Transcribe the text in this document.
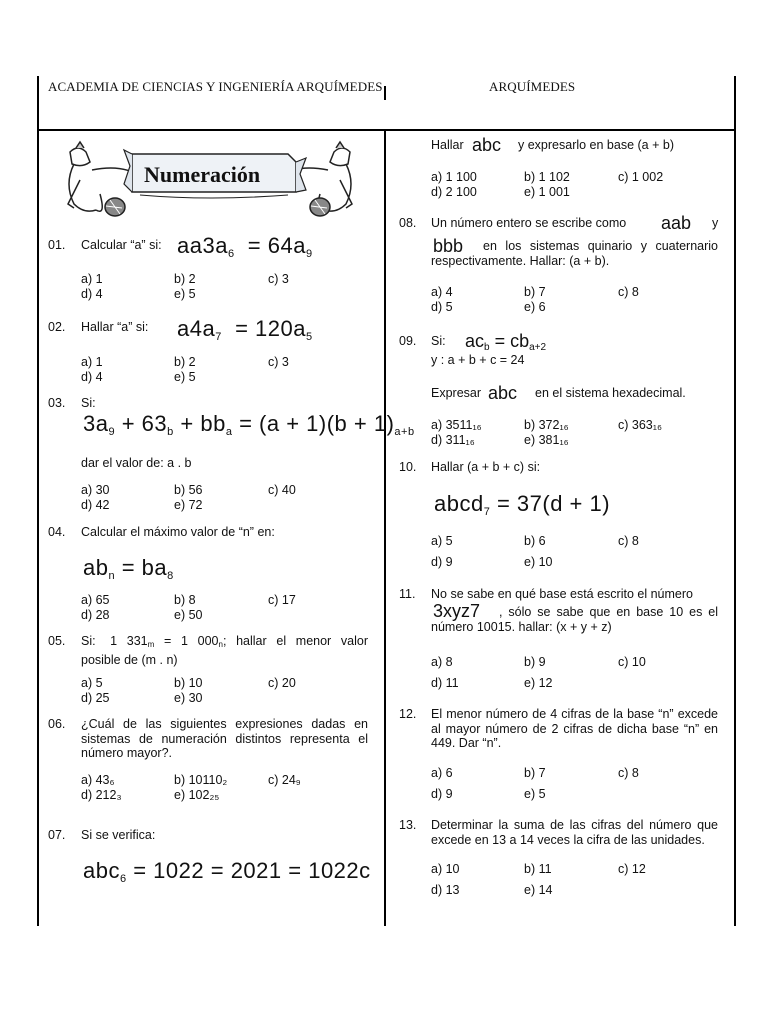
ACADEMIA DE CIENCIAS Y INGENIERÍA ARQUÍMEDES	ARQUÍMEDES
Numeración
01. Calcular “a” si: $aa3a_6 = 64a_9$
a) 1	b) 2	c) 3
d) 4	e) 5
02. Hallar “a” si: $a4a_7 = 120a_5$
a) 1	b) 2	c) 3
d) 4	e) 5
03. Si:
$3a_9 + 63_b + bb_a = (a + 1)(b + 1)_{a+b}$
dar el valor de: a . b
a) 30	b) 56	c) 40
d) 42	e) 72
04. Calcular el máximo valor de “n” en:
$ab_n = ba_8$
a) 65	b) 8	c) 17
d) 28	e) 50
05. Si:   1  $331_m = 1$  $000_n$;  hallar  el  menor  valor posible de (m . n)
a) 5	b) 10	c) 20
d) 25	e) 30
06. ¿Cuál de las siguientes expresiones dadas en sistemas de numeración distintos representa el número mayor?.
a) 43₆	b) 10110₂	c) 24₉
d) 212₃	e) 102₂₅
07. Si se verifica:
abc$_6$ = 1022 = 2021 = 1022c
Hallar abc y expresarlo en base (a + b)
a) 1 100	b) 1 102	c) 1 002
d) 2 100	e) 1 001
08. Un número entero se escribe como aab y
bbb	en los sistemas quinario y cuaternario respectivamente. Hallar: (a + b).
a) 4	b) 7	c) 8
d) 5	e) 6
09. Si: $ac_b = cb_{a+2}$
y : a + b + c = 24
Expresar abc en el sistema hexadecimal.
a) 3511₁₆	b) 372₁₆	c) 363₁₆
d) 311₁₆	e) 381₁₆
10. Hallar (a + b + c) si:
abcd$_7$ = 37(d + 1)
a) 5	b) 6	c) 8
d) 9	e) 10
11. No se sabe en qué base está escrito el número
3xyz7	, sólo se sabe que en base 10 es el número 10015. hallar: (x + y + z)
a) 8	b) 9	c) 10
d) 11	e) 12
12. El menor número de 4 cifras de la base “n” excede al mayor número de 2 cifras de dicha base “n” en 449. Dar “n”.
a) 6	b) 7	c) 8
d) 9	e) 5
13. Determinar la suma de las cifras del número que excede en 13 a 14 veces la cifra de las unidades.
a) 10	b) 11	c) 12
d) 13	e) 14
